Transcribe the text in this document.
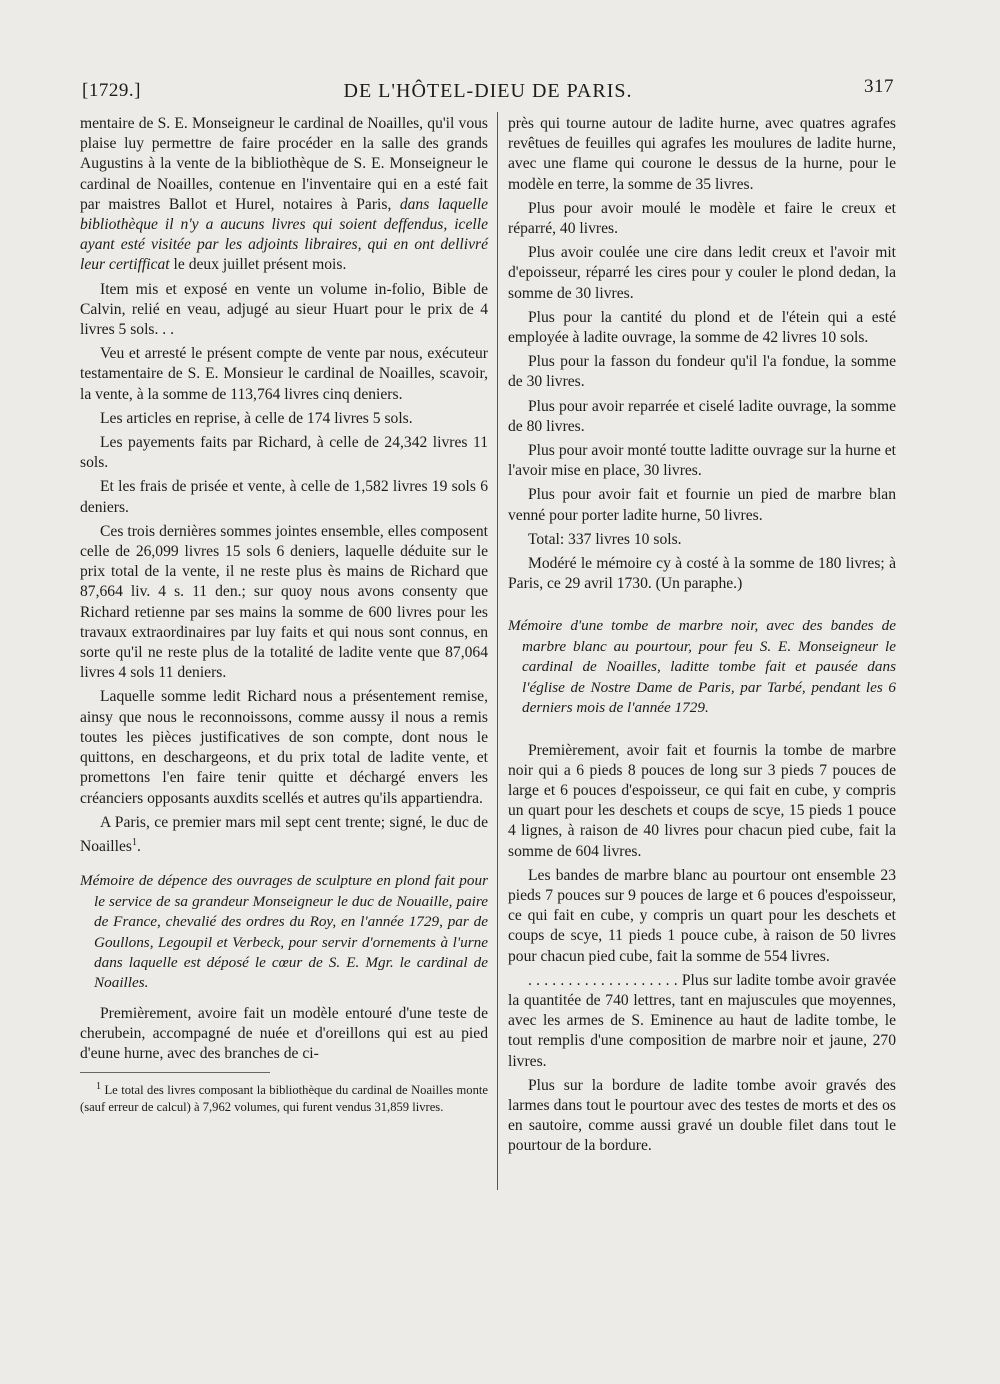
[1729.]	DE L'HÔTEL-DIEU DE PARIS.	317

mentaire de S. E. Monseigneur le cardinal de Noailles, qu'il vous plaise luy permettre de faire procéder en la salle des grands Augustins à la vente de la bibliothèque de S. E. Monseigneur le cardinal de Noailles, contenue en l'inventaire qui en a esté fait par maistres Ballot et Hurel, notaires à Paris, dans laquelle bibliothèque il n'y a aucuns livres qui soient deffendus, icelle ayant esté visitée par les adjoints libraires, qui en ont dellivré leur certifficat le deux juillet présent mois.

Item mis et exposé en vente un volume in-folio, Bible de Calvin, relié en veau, adjugé au sieur Huart pour le prix de 4 livres 5 sols. . .

Veu et arresté le présent compte de vente par nous, exécuteur testamentaire de S. E. Monsieur le cardinal de Noailles, scavoir, la vente, à la somme de 113,764 livres cinq deniers.

Les articles en reprise, à celle de 174 livres 5 sols.

Les payements faits par Richard, à celle de 24,342 livres 11 sols.

Et les frais de prisée et vente, à celle de 1,582 livres 19 sols 6 deniers.

Ces trois dernières sommes jointes ensemble, elles composent celle de 26,099 livres 15 sols 6 deniers, laquelle déduite sur le prix total de la vente, il ne reste plus ès mains de Richard que 87,664 liv. 4 s. 11 den.; sur quoy nous avons consenty que Richard retienne par ses mains la somme de 600 livres pour les travaux extraordinaires par luy faits et qui nous sont connus, en sorte qu'il ne reste plus de la totalité de ladite vente que 87,064 livres 4 sols 11 deniers.

Laquelle somme ledit Richard nous a présentement remise, ainsy que nous le reconnoissons, comme aussy il nous a remis toutes les pièces justificatives de son compte, dont nous le quittons, en deschargeons, et du prix total de ladite vente, et promettons l'en faire tenir quitte et déchargé envers les créanciers opposants auxdits scellés et autres qu'ils appartiendra.

A Paris, ce premier mars mil sept cent trente; signé, le duc de Noailles$^1$.

Mémoire de dépence des ouvrages de sculpture en plond fait pour le service de sa grandeur Monseigneur le duc de Nouaille, paire de France, chevalié des ordres du Roy, en l'année 1729, par de Goullons, Legoupil et Verbeck, pour servir d'ornements à l'urne dans laquelle est déposé le cœur de S. E. Mgr. le cardinal de Noailles.

Premièrement, avoire fait un modèle entouré d'une teste de cherubein, accompagné de nuée et d'oreillons qui est au pied d'eune hurne, avec des branches de ci-

$^1$ Le total des livres composant la bibliothèque du cardinal de Noailles monte (sauf erreur de calcul) à 7,962 volumes, qui furent vendus 31,859 livres.

près qui tourne autour de ladite hurne, avec quatres agrafes revêtues de feuilles qui agrafes les moulures de ladite hurne, avec une flame qui courone le dessus de la hurne, pour le modèle en terre, la somme de 35 livres.

Plus pour avoir moulé le modèle et faire le creux et réparré, 40 livres.

Plus avoir coulée une cire dans ledit creux et l'avoir mit d'epoisseur, réparré les cires pour y couler le plond dedan, la somme de 30 livres.

Plus pour la cantité du plond et de l'étein qui a esté employée à ladite ouvrage, la somme de 42 livres 10 sols.

Plus pour la fasson du fondeur qu'il l'a fondue, la somme de 30 livres.

Plus pour avoir reparrée et ciselé ladite ouvrage, la somme de 80 livres.

Plus pour avoir monté toutte laditte ouvrage sur la hurne et l'avoir mise en place, 30 livres.

Plus pour avoir fait et fournie un pied de marbre blan venné pour porter ladite hurne, 50 livres.

Total: 337 livres 10 sols.

Modéré le mémoire cy à costé à la somme de 180 livres; à Paris, ce 29 avril 1730. (Un paraphe.)

Mémoire d'une tombe de marbre noir, avec des bandes de marbre blanc au pourtour, pour feu S. E. Monseigneur le cardinal de Noailles, laditte tombe fait et pausée dans l'église de Nostre Dame de Paris, par Tarbé, pendant les 6 derniers mois de l'année 1729.

Premièrement, avoir fait et fournis la tombe de marbre noir qui a 6 pieds 8 pouces de long sur 3 pieds 7 pouces de large et 6 pouces d'espoisseur, ce qui fait en cube, y compris un quart pour les deschets et coups de scye, 15 pieds 1 pouce 4 lignes, à raison de 40 livres pour chacun pied cube, fait la somme de 604 livres.

Les bandes de marbre blanc au pourtour ont ensemble 23 pieds 7 pouces sur 9 pouces de large et 6 pouces d'espoisseur, ce qui fait en cube, y compris un quart pour les deschets et coups de scye, 11 pieds 1 pouce cube, à raison de 50 livres pour chacun pied cube, fait la somme de 554 livres.

. . . . . . . . . . . . . . . . . . . Plus sur ladite tombe avoir gravée la quantitée de 740 lettres, tant en majuscules que moyennes, avec les armes de S. Eminence au haut de ladite tombe, le tout remplis d'une composition de marbre noir et jaune, 270 livres.

Plus sur la bordure de ladite tombe avoir gravés des larmes dans tout le pourtour avec des testes de morts et des os en sautoire, comme aussi gravé un double filet dans tout le pourtour de la bordure.
